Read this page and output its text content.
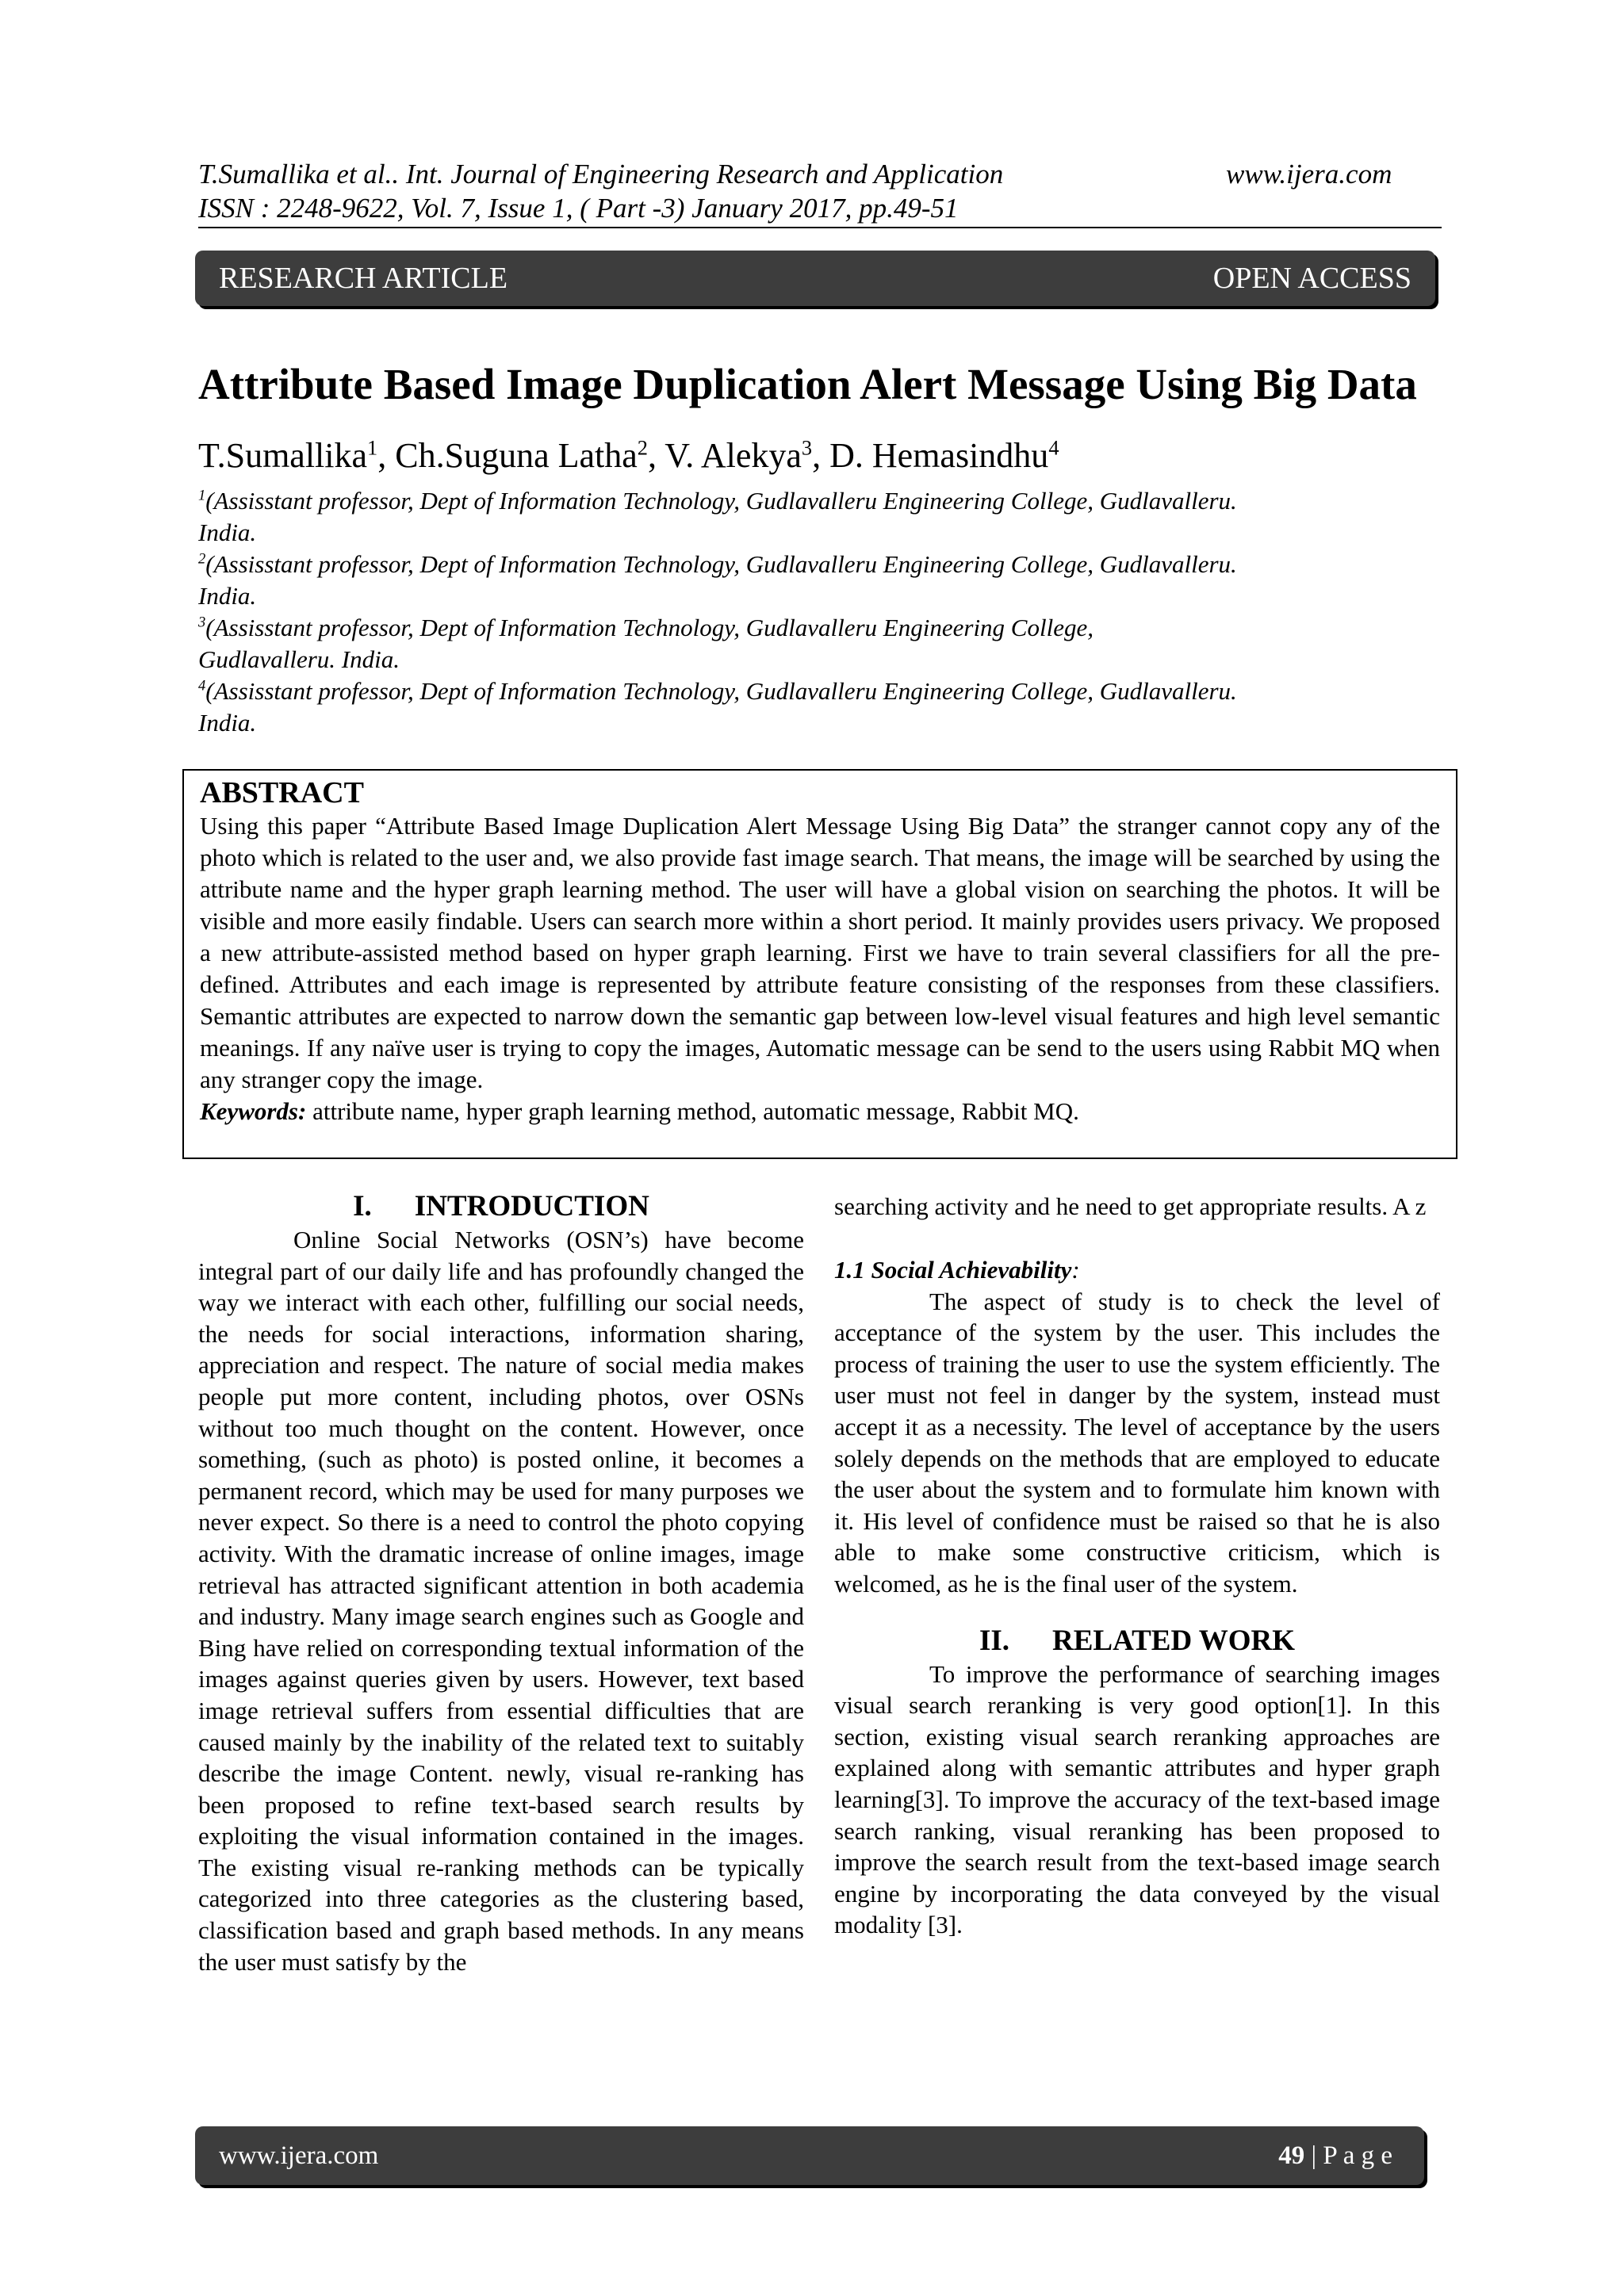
T.Sumallika et al.. Int. Journal of Engineering Research and Application	www.ijera.com
ISSN : 2248-9622, Vol. 7, Issue 1, ( Part -3) January 2017, pp.49-51
RESEARCH ARTICLE	OPEN ACCESS
Attribute Based Image Duplication Alert Message Using Big Data
T.Sumallika$^1$, Ch.Suguna Latha$^2$, V. Alekya$^3$, D. Hemasindhu$^4$

$^1$(Assisstant professor, Dept of Information Technology, Gudlavalleru Engineering College, Gudlavalleru.

India.

$^2$(Assisstant professor, Dept of Information Technology, Gudlavalleru Engineering College, Gudlavalleru.

India.

$^3$(Assisstant professor, Dept of Information Technology, Gudlavalleru Engineering College,

Gudlavalleru. India.

$^4$(Assisstant professor, Dept of Information Technology, Gudlavalleru Engineering College, Gudlavalleru.

India.

ABSTRACT

Using this paper “Attribute Based Image Duplication Alert Message Using Big Data” the stranger cannot copy any of the photo which is related to the user and, we also provide fast image search. That means, the image will be searched by using the attribute name and the hyper graph learning method. The user will have a global vision on searching the photos. It will be visible and more easily findable. Users can search more within a short period. It mainly provides users privacy. We proposed a new attribute-assisted method based on hyper graph learning. First we have to train several classifiers for all the pre-defined. Attributes and each image is represented by attribute feature consisting of the responses from these classifiers. Semantic attributes are expected to narrow down the semantic gap between low-level visual features and high level semantic meanings. If any naïve user is trying to copy the images, Automatic message can be send to the users using Rabbit MQ when any stranger copy the image.

Keywords: attribute name, hyper graph learning method, automatic message, Rabbit MQ.
I. INTRODUCTION

Online Social Networks (OSN’s) have become integral part of our daily life and has profoundly changed the way we interact with each other, fulfilling our social needs, the needs for social interactions, information sharing, appreciation and respect. The nature of social media makes people put more content, including photos, over OSNs without too much thought on the content. However, once something, (such as photo) is posted online, it becomes a permanent record, which may be used for many purposes we never expect. So there is a need to control the photo copying activity. With the dramatic increase of online images, image retrieval has attracted significant attention in both academia and industry. Many image search engines such as Google and Bing have relied on corresponding textual information of the images against queries given by users. However, text based image retrieval suffers from essential difficulties that are caused mainly by the inability of the related text to suitably describe the image Content. newly, visual re-ranking has been proposed to refine text-based search results by exploiting the visual information contained in the images. The existing visual re-ranking methods can be typically categorized into three categories as the clustering based, classification based and graph based methods. In any means the user must satisfy by the

searching activity and he need to get appropriate results. A z

1.1 Social Achievability:

The aspect of study is to check the level of acceptance of the system by the user. This includes the process of training the user to use the system efficiently. The user must not feel in danger by the system, instead must accept it as a necessity. The level of acceptance by the users solely depends on the methods that are employed to educate the user about the system and to formulate him known with it. His level of confidence must be raised so that he is also able to make some constructive criticism, which is welcomed, as he is the final user of the system.

II. RELATED WORK

To improve the performance of searching images visual search reranking is very good option[1]. In this section, existing visual search reranking approaches are explained along with semantic attributes and hyper graph learning[3]. To improve the accuracy of the text-based image search ranking, visual reranking has been proposed to improve the search result from the text-based image search engine by incorporating the data conveyed by the visual modality [3].

www.ijera.com	49 | P a g e
